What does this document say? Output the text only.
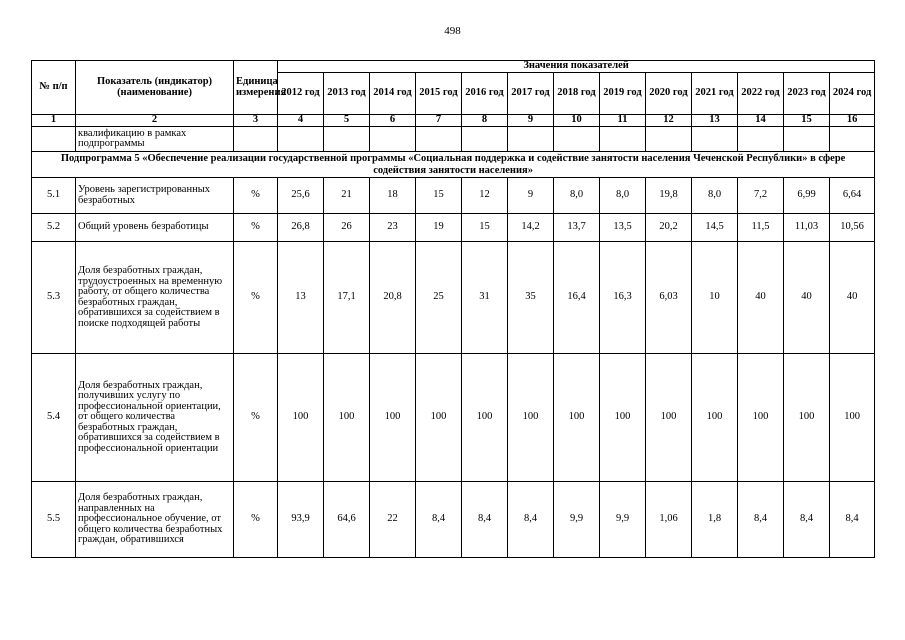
498
№ п/п	Показатель (индикатор) (наименование)	Единица измерения	Значения показателей												
			2012 год	2013 год	2014 год	2015 год	2016 год	2017 год	2018 год	2019 год	2020 год	2021 год	2022 год	2023 год	2024 год
1	2	3	4	5	6	7	8	9	10	11	12	13	14	15	16
	квалификацию в рамках подпрограммы														
Подпрограмма 5 «Обеспечение реализации государственной программы «Социальная поддержка и содействие занятости населения Чеченской Республики» в сфере содействия занятости населения»															
5.1	Уровень зарегистрированных безработных	%	25,6	21	18	15	12	9	8,0	8,0	19,8	8,0	7,2	6,99	6,64
5.2	Общий уровень безработицы	%	26,8	26	23	19	15	14,2	13,7	13,5	20,2	14,5	11,5	11,03	10,56
5.3	Доля безработных граждан, трудоустроенных на временную работу, от общего количества безработных граждан, обратившихся за содействием в поиске подходящей работы	%	13	17,1	20,8	25	31	35	16,4	16,3	6,03	10	40	40	40
5.4	Доля безработных граждан, получивших услугу по профессиональной ориентации, от общего количества безработных граждан, обратившихся за содействием в профессиональной ориентации	%	100	100	100	100	100	100	100	100	100	100	100	100	100
5.5	Доля безработных граждан, направленных на профессиональное обучение, от общего количества безработных граждан, обратившихся	%	93,9	64,6	22	8,4	8,4	8,4	9,9	9,9	1,06	1,8	8,4	8,4	8,4
